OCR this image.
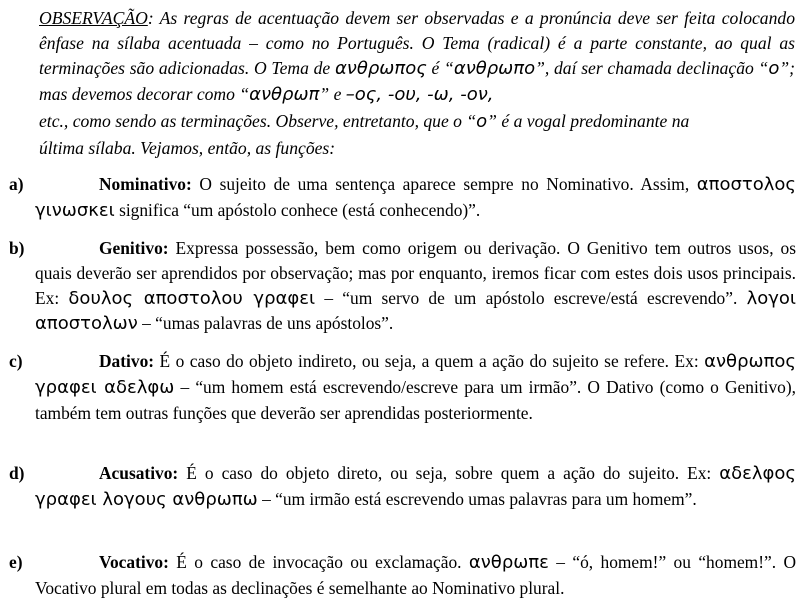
OBSERVAÇÃO: As regras de acentuação devem ser observadas e a pronúncia deve ser feita colocando ênfase na sílaba acentuada – como no Português. O Tema (radical) é a parte constante, ao qual as terminações são adicionadas. O Tema de ανθρωπος é “ανθρωπο”, daí ser chamada declinação “ο”; mas devemos decorar como “ανθρωπ” e –ος, -ου, -ω, -ον,
etc., como sendo as terminações. Observe, entretanto, que o “ο” é a vogal predominante na
última sílaba. Vejamos, então, as funções:
a)	Nominativo: O sujeito de uma sentença aparece sempre no Nominativo. Assim, αποστολος γινωσκει significa “um apóstolo conhece (está conhecendo)”.
b)	Genitivo: Expressa possessão, bem como origem ou derivação. O Genitivo tem outros usos, os quais deverão ser aprendidos por observação; mas por enquanto, iremos ficar com estes dois usos principais. Ex: δουλος αποστολου γραφει – “um servo de um apóstolo escreve/está escrevendo”. λογοι αποστολων – “umas palavras de uns apóstolos”.
c)	Dativo: É o caso do objeto indireto, ou seja, a quem a ação do sujeito se refere. Ex: ανθρωπος γραφει αδελφω – “um homem está escrevendo/escreve para um irmão”. O Dativo (como o Genitivo), também tem outras funções que deverão ser aprendidas posteriormente.
d)	Acusativo: É o caso do objeto direto, ou seja, sobre quem a ação do sujeito. Ex: αδελφος γραφει λογους ανθρωπω – “um irmão está escrevendo umas palavras para um homem”.
e)	Vocativo: É o caso de invocação ou exclamação. ανθρωπε – “ó, homem!” ou “homem!”. O Vocativo plural em todas as declinações é semelhante ao Nominativo plural.
